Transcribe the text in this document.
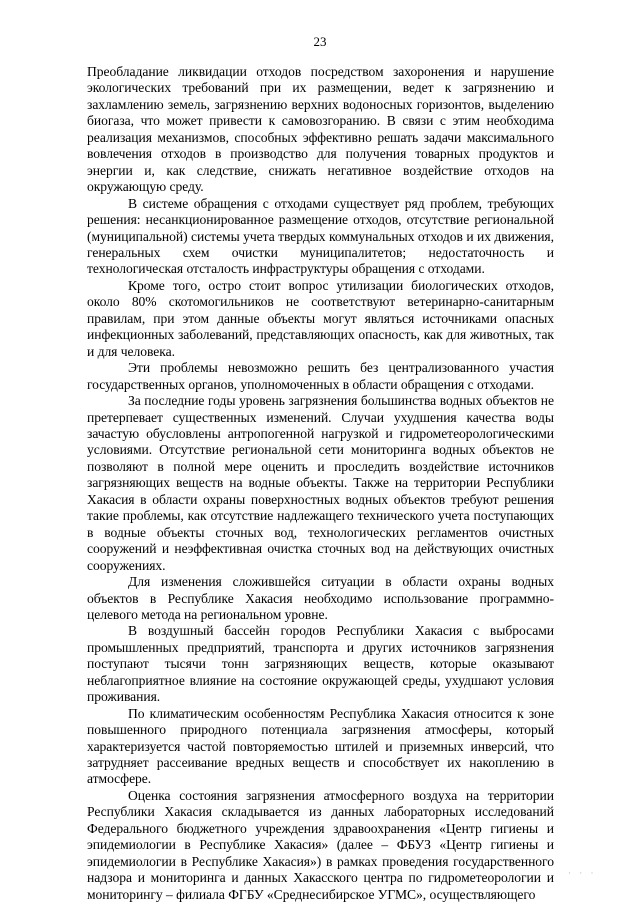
23

Преобладание ликвидации отходов посредством захоронения и нарушение экологических требований при их размещении, ведет к загрязнению и захламлению земель, загрязнению верхних водоносных горизонтов, выделению биогаза, что может привести к самовозгоранию. В связи с этим необходима реализация механизмов, способных эффективно решать задачи максимального вовлечения отходов в производство для получения товарных продуктов и энергии и, как следствие, снижать негативное воздействие отходов на окружающую среду.

В системе обращения с отходами существует ряд проблем, требующих решения: несанкционированное размещение отходов, отсутствие региональной (муниципальной) системы учета твердых коммунальных отходов и их движения, генеральных схем очистки муниципалитетов; недостаточность и технологическая отсталость инфраструктуры обращения с отходами.

Кроме того, остро стоит вопрос утилизации биологических отходов, около 80% скотомогильников не соответствуют ветеринарно-санитарным правилам, при этом данные объекты могут являться источниками опасных инфекционных заболеваний, представляющих опасность, как для животных, так и для человека.

Эти проблемы невозможно решить без централизованного участия государственных органов, уполномоченных в области обращения с отходами.

За последние годы уровень загрязнения большинства водных объектов не претерпевает существенных изменений. Случаи ухудшения качества воды зачастую обусловлены антропогенной нагрузкой и гидрометеорологическими условиями. Отсутствие региональной сети мониторинга водных объектов не позволяют в полной мере оценить и проследить воздействие источников загрязняющих веществ на водные объекты. Также на территории Республики Хакасия в области охраны поверхностных водных объектов требуют решения такие проблемы, как отсутствие надлежащего технического учета поступающих в водные объекты сточных вод, технологических регламентов очистных сооружений и неэффективная очистка сточных вод на действующих очистных сооружениях.

Для изменения сложившейся ситуации в области охраны водных объектов в Республике Хакасия необходимо использование программно-целевого метода на региональном уровне.

В воздушный бассейн городов Республики Хакасия с выбросами промышленных предприятий, транспорта и других источников загрязнения поступают тысячи тонн загрязняющих веществ, которые оказывают неблагоприятное влияние на состояние окружающей среды, ухудшают условия проживания.

По климатическим особенностям Республика Хакасия относится к зоне повышенного природного потенциала загрязнения атмосферы, который характеризуется частой повторяемостью штилей и приземных инверсий, что затрудняет рассеивание вредных веществ и способствует их накоплению в атмосфере.

Оценка состояния загрязнения атмосферного воздуха на территории Республики Хакасия складывается из данных лабораторных исследований Федерального бюджетного учреждения здравоохранения «Центр гигиены и эпидемиологии в Республике Хакасия» (далее – ФБУЗ «Центр гигиены и эпидемиологии в Республике Хакасия») в рамках проведения государственного надзора и мониторинга и данных Хакасского центра по гидрометеорологии и мониторингу – филиала ФГБУ «Среднесибирское УГМС», осуществляющего

· · ·
